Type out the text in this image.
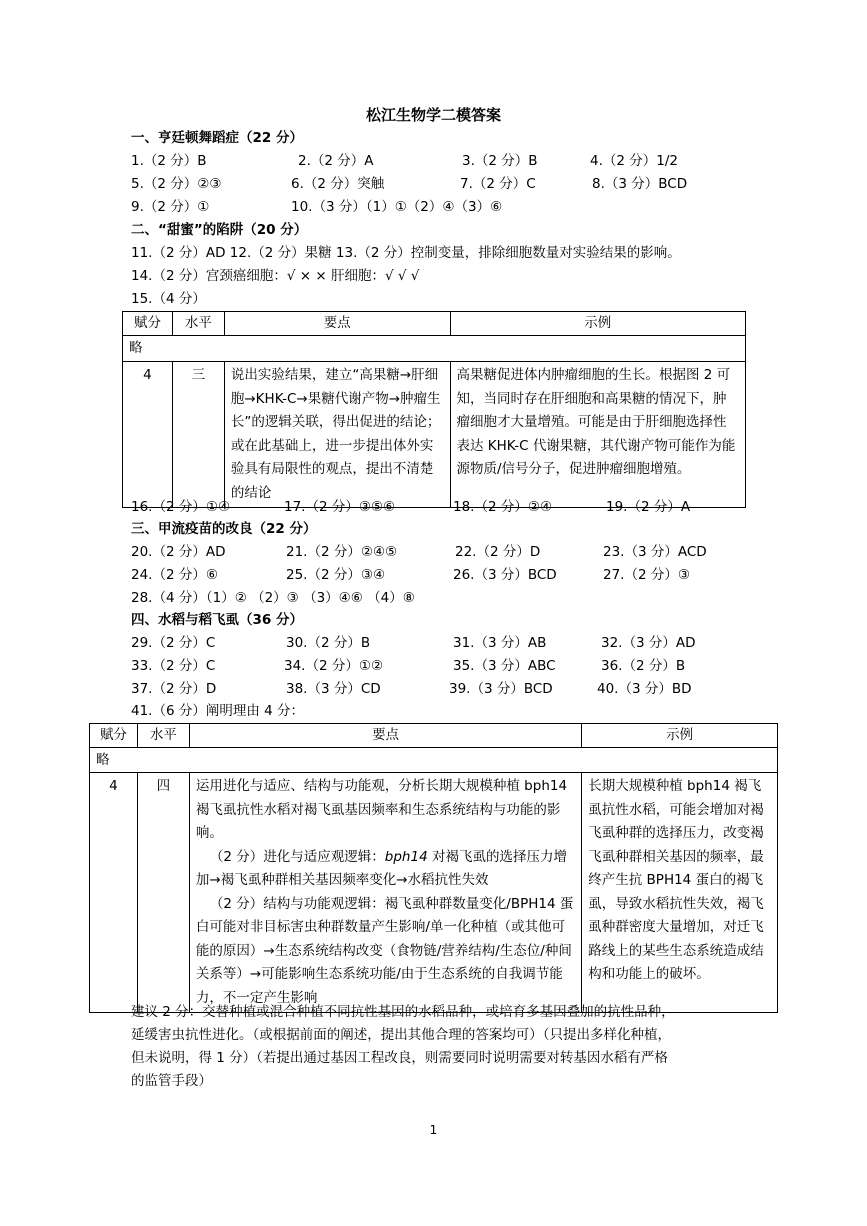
松江生物学二模答案
一、亨廷顿舞蹈症（22 分）
1.（2 分）B	2.（2 分）A	3.（2 分）B	4.（2 分）1/2
5.（2 分）②③	6.（2 分）突触	7.（2 分）C	8.（3 分）BCD
9.（2 分）①	10.（3 分）（1）①（2）④（3）⑥
二、“甜蜜”的陷阱（20 分）
11.（2 分）AD 12.（2 分）果糖 13.（2 分）控制变量，排除细胞数量对实验结果的影响。
14.（2 分）宫颈癌细胞：√ × × 肝细胞：√ √ √
15.（4 分）
赋分	水平	要点	示例
略			
4	三	说出实验结果，建立“高果糖→肝细胞→KHK-C→果糖代谢产物→肿瘤生长”的逻辑关联，得出促进的结论；或在此基础上，进一步提出体外实验具有局限性的观点，提出不清楚的结论	高果糖促进体内肿瘤细胞的生长。根据图 2 可知，当同时存在肝细胞和高果糖的情况下，肿瘤细胞才大量增殖。可能是由于肝细胞选择性表达 KHK-C 代谢果糖，其代谢产物可能作为能源物质/信号分子，促进肿瘤细胞增殖。
16.（2 分）①④	17.（2 分）③⑤⑥	18.（2 分）②④	19.（2 分）A
三、甲流疫苗的改良（22 分）
20.（2 分）AD	21.（2 分）②④⑤	22.（2 分）D	23.（3 分）ACD
24.（2 分）⑥	25.（2 分）③④	26.（3 分）BCD	27.（2 分）③
28.（4 分）（1）② （2）③ （3）④⑥ （4）⑧
四、水稻与稻飞虱（36 分）
29.（2 分）C	30.（2 分）B	31.（3 分）AB	32.（3 分）AD
33.（2 分）C	34.（2 分）①②	35.（3 分）ABC	36.（2 分）B
37.（2 分）D	38.（3 分）CD	39.（3 分）BCD	40.（3 分）BD
41.（6 分）阐明理由 4 分：
赋分	水平	要点	示例
略			
4	四	运用进化与适应、结构与功能观，分析长期大规模种植 bph14 褐飞虱抗性水稻对褐飞虱基因频率和生态系统结构与功能的影响。
（2 分）进化与适应观逻辑：bph14 对褐飞虱的选择压力增加→褐飞虱种群相关基因频率变化→水稻抗性失效
（2 分）结构与功能观逻辑：褐飞虱种群数量变化/BPH14 蛋白可能对非目标害虫种群数量产生影响/单一化种植（或其他可能的原因）→生态系统结构改变（食物链/营养结构/生态位/种间关系等）→可能影响生态系统功能/由于生态系统的自我调节能力，不一定产生影响	长期大规模种植 bph14 褐飞虱抗性水稻，可能会增加对褐飞虱种群的选择压力，改变褐飞虱种群相关基因的频率，最终产生抗 BPH14 蛋白的褐飞虱，导致水稻抗性失效，褐飞虱种群密度大量增加，对迁飞路线上的某些生态系统造成结构和功能上的破坏。
建议 2 分：交替种植或混合种植不同抗性基因的水稻品种，或培育多基因叠加的抗性品种，
延缓害虫抗性进化。（或根据前面的阐述，提出其他合理的答案均可）（只提出多样化种植，
但未说明，得 1 分）（若提出通过基因工程改良，则需要同时说明需要对转基因水稻有严格
的监管手段）
1
